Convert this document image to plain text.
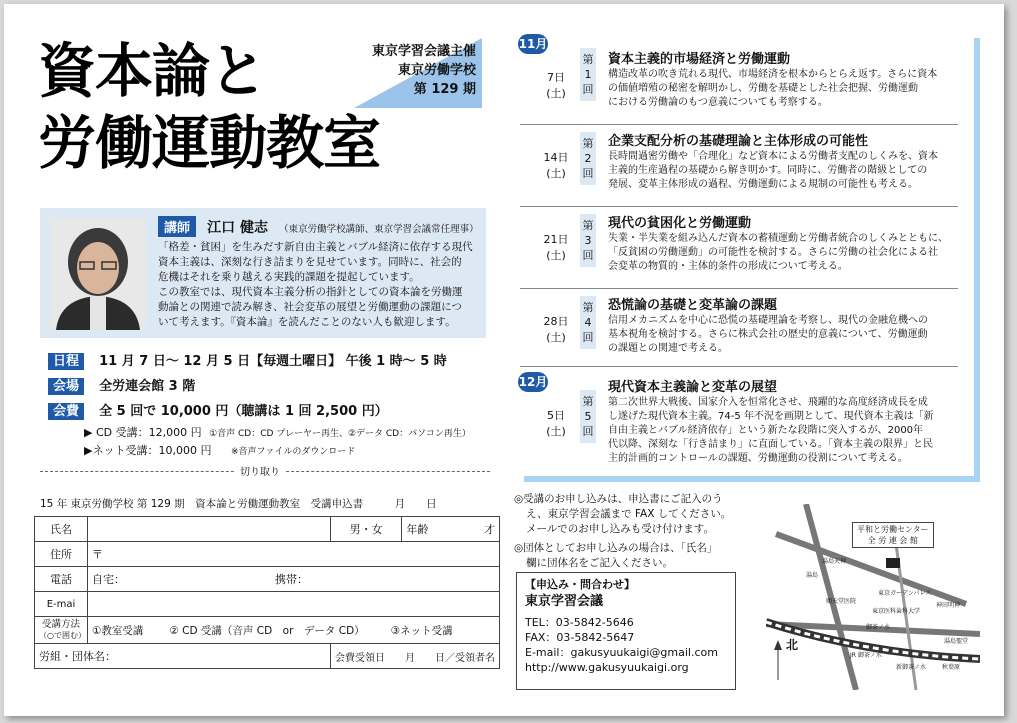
資本論と
労働運動教室
東京学習会議主催
東京労働学校
第 129 期
講師 江口 健志 （東京労働学校講師、東京学習会議常任理事）
「格差・貧困」を生みだす新自由主義とバブル経済に依存する現代
資本主義は、深刻な行き詰まりを見せています。同時に、社会的
危機はそれを乗り越える実践的課題を提起しています。
この教室では、現代資本主義分析の指針としての資本論を労働運
動論との関連で読み解き、社会変革の展望と労働運動の課題につ
いて考えます。『資本論』を読んだことのない人も歓迎します。
日程 11 月 7 日〜 12 月 5 日【毎週土曜日】 午後 1 時〜 5 時
会場 全労連会館 3 階
会費 全 5 回で 10,000 円（聴講は 1 回 2,500 円）
▶ CD 受講：12,000 円 ①音声 CD：CD プレーヤー再生、②データ CD：パソコン再生）
▶ネット受講：10,000 円 ※音声ファイルのダウンロード
切り取り
15 年 東京労働学校 第 129 期　資本論と労働運動教室　受講申込書　　　月　　日
氏名		男・女	年齢 才

住所	〒		
電話	自宅： 携帯：		
E-mai			

受講方法
（○で囲む）	①教室受講 ② CD 受講（音声 CD　or　データ CD） ③ネット受講		
労組・団体名：		会費受領日　　月　　日／受領者名	
◎受講のお申し込みは、申込書にご記入のう
え、東京学習会議まで FAX してください。
メールでのお申し込みも受け付けます。
◎団体としてお申し込みの場合は、「氏名」
欄に団体名をご記入ください。
【申込み・問合わせ】
東京学習会議
TEL：03-5842-5646
FAX：03-5842-5647
E-mail：gakusyuukaigi@gmail.com
http://www.gakusyuukaigi.org
平和と労働センター
全 労 連 会 館
北
湯島天神
湯島
順天堂医院
東京ガーデンパレス
神田明神
御茶ノ水
JR 御茶ノ水
新御茶ノ水
湯島聖堂
秋葉原
東京医科歯科大学
11月
12月
7日
(土)
第
1
回
資本主義的市場経済と労働運動
構造改革の吹き荒れる現代、市場経済を根本からとらえ返す。さらに資本
の価値増殖の秘密を解明かし、労働を基礎とした社会把握、労働運動
における労働論のもつ意義についても考察する。
14日
(土)
第
2
回
企業支配分析の基礎理論と主体形成の可能性
長時間過密労働や「合理化」など資本による労働者支配のしくみを、資本
主義的生産過程の基礎から解き明かす。同時に、労働者の階級としての
発展、変革主体形成の過程、労働運動による規制の可能性も考える。
21日
(土)
第
3
回
現代の貧困化と労働運動
失業・半失業を組み込んだ資本の蓄積運動と労働者統合のしくみとともに、
「反貧困の労働運動」の可能性を検討する。さらに労働の社会化による社
会変革の物質的・主体的条件の形成について考える。
28日
(土)
第
4
回
恐慌論の基礎と変革論の課題
信用メカニズムを中心に恐慌の基礎理論を考察し、現代の金融危機への
基本視角を検討する。さらに株式会社の歴史的意義について、労働運動
の課題との関連で考える。
5日
(土)
第
5
回
現代資本主義論と変革の展望
第二次世界大戦後、国家介入を恒常化させ、飛躍的な高度経済成長を成
し遂げた現代資本主義。74-5 年不況を画期として、現代資本主義は「新
自由主義とバブル経済依存」という新たな段階に突入するが、2000年
代以降、深刻な「行き詰まり」に直面している。「資本主義の限界」と民
主的計画的コントロールの課題、労働運動の役割について考える。
